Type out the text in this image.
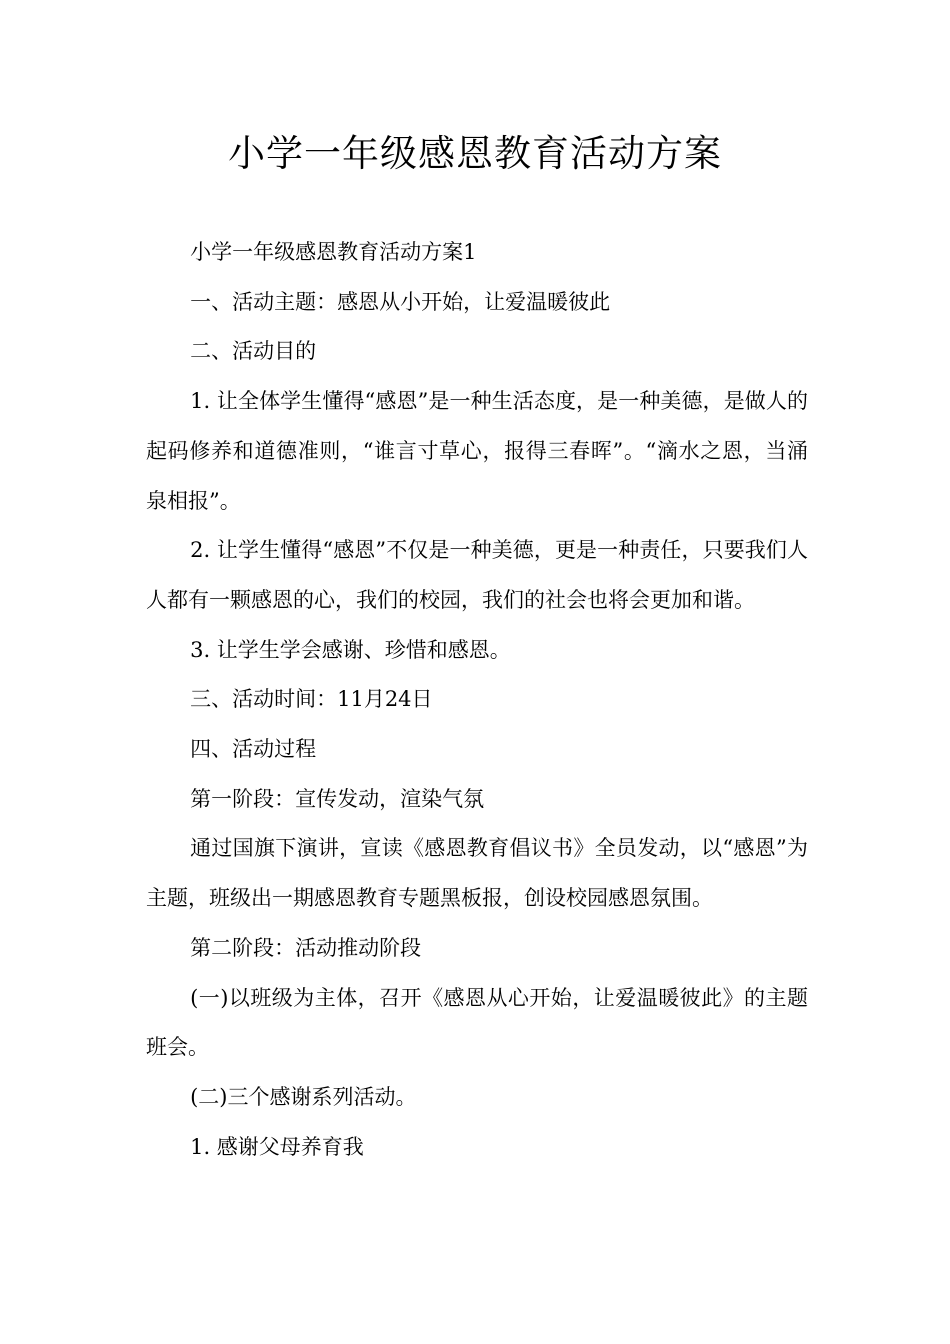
小学一年级感恩教育活动方案

小学一年级感恩教育活动方案1

一、活动主题：感恩从小开始，让爱温暖彼此

二、活动目的

1. 让全体学生懂得“感恩”是一种生活态度，是一种美德，是做人的起码修养和道德准则，“谁言寸草心，报得三春晖”。“滴水之恩，当涌泉相报”。

2. 让学生懂得“感恩”不仅是一种美德，更是一种责任，只要我们人人都有一颗感恩的心，我们的校园，我们的社会也将会更加和谐。

3. 让学生学会感谢、珍惜和感恩。

三、活动时间：11月24日

四、活动过程

第一阶段：宣传发动，渲染气氛

通过国旗下演讲，宣读《感恩教育倡议书》全员发动，以“感恩”为主题，班级出一期感恩教育专题黑板报，创设校园感恩氛围。

第二阶段：活动推动阶段

(一)以班级为主体，召开《感恩从心开始，让爱温暖彼此》的主题班会。

(二)三个感谢系列活动。

1. 感谢父母养育我
